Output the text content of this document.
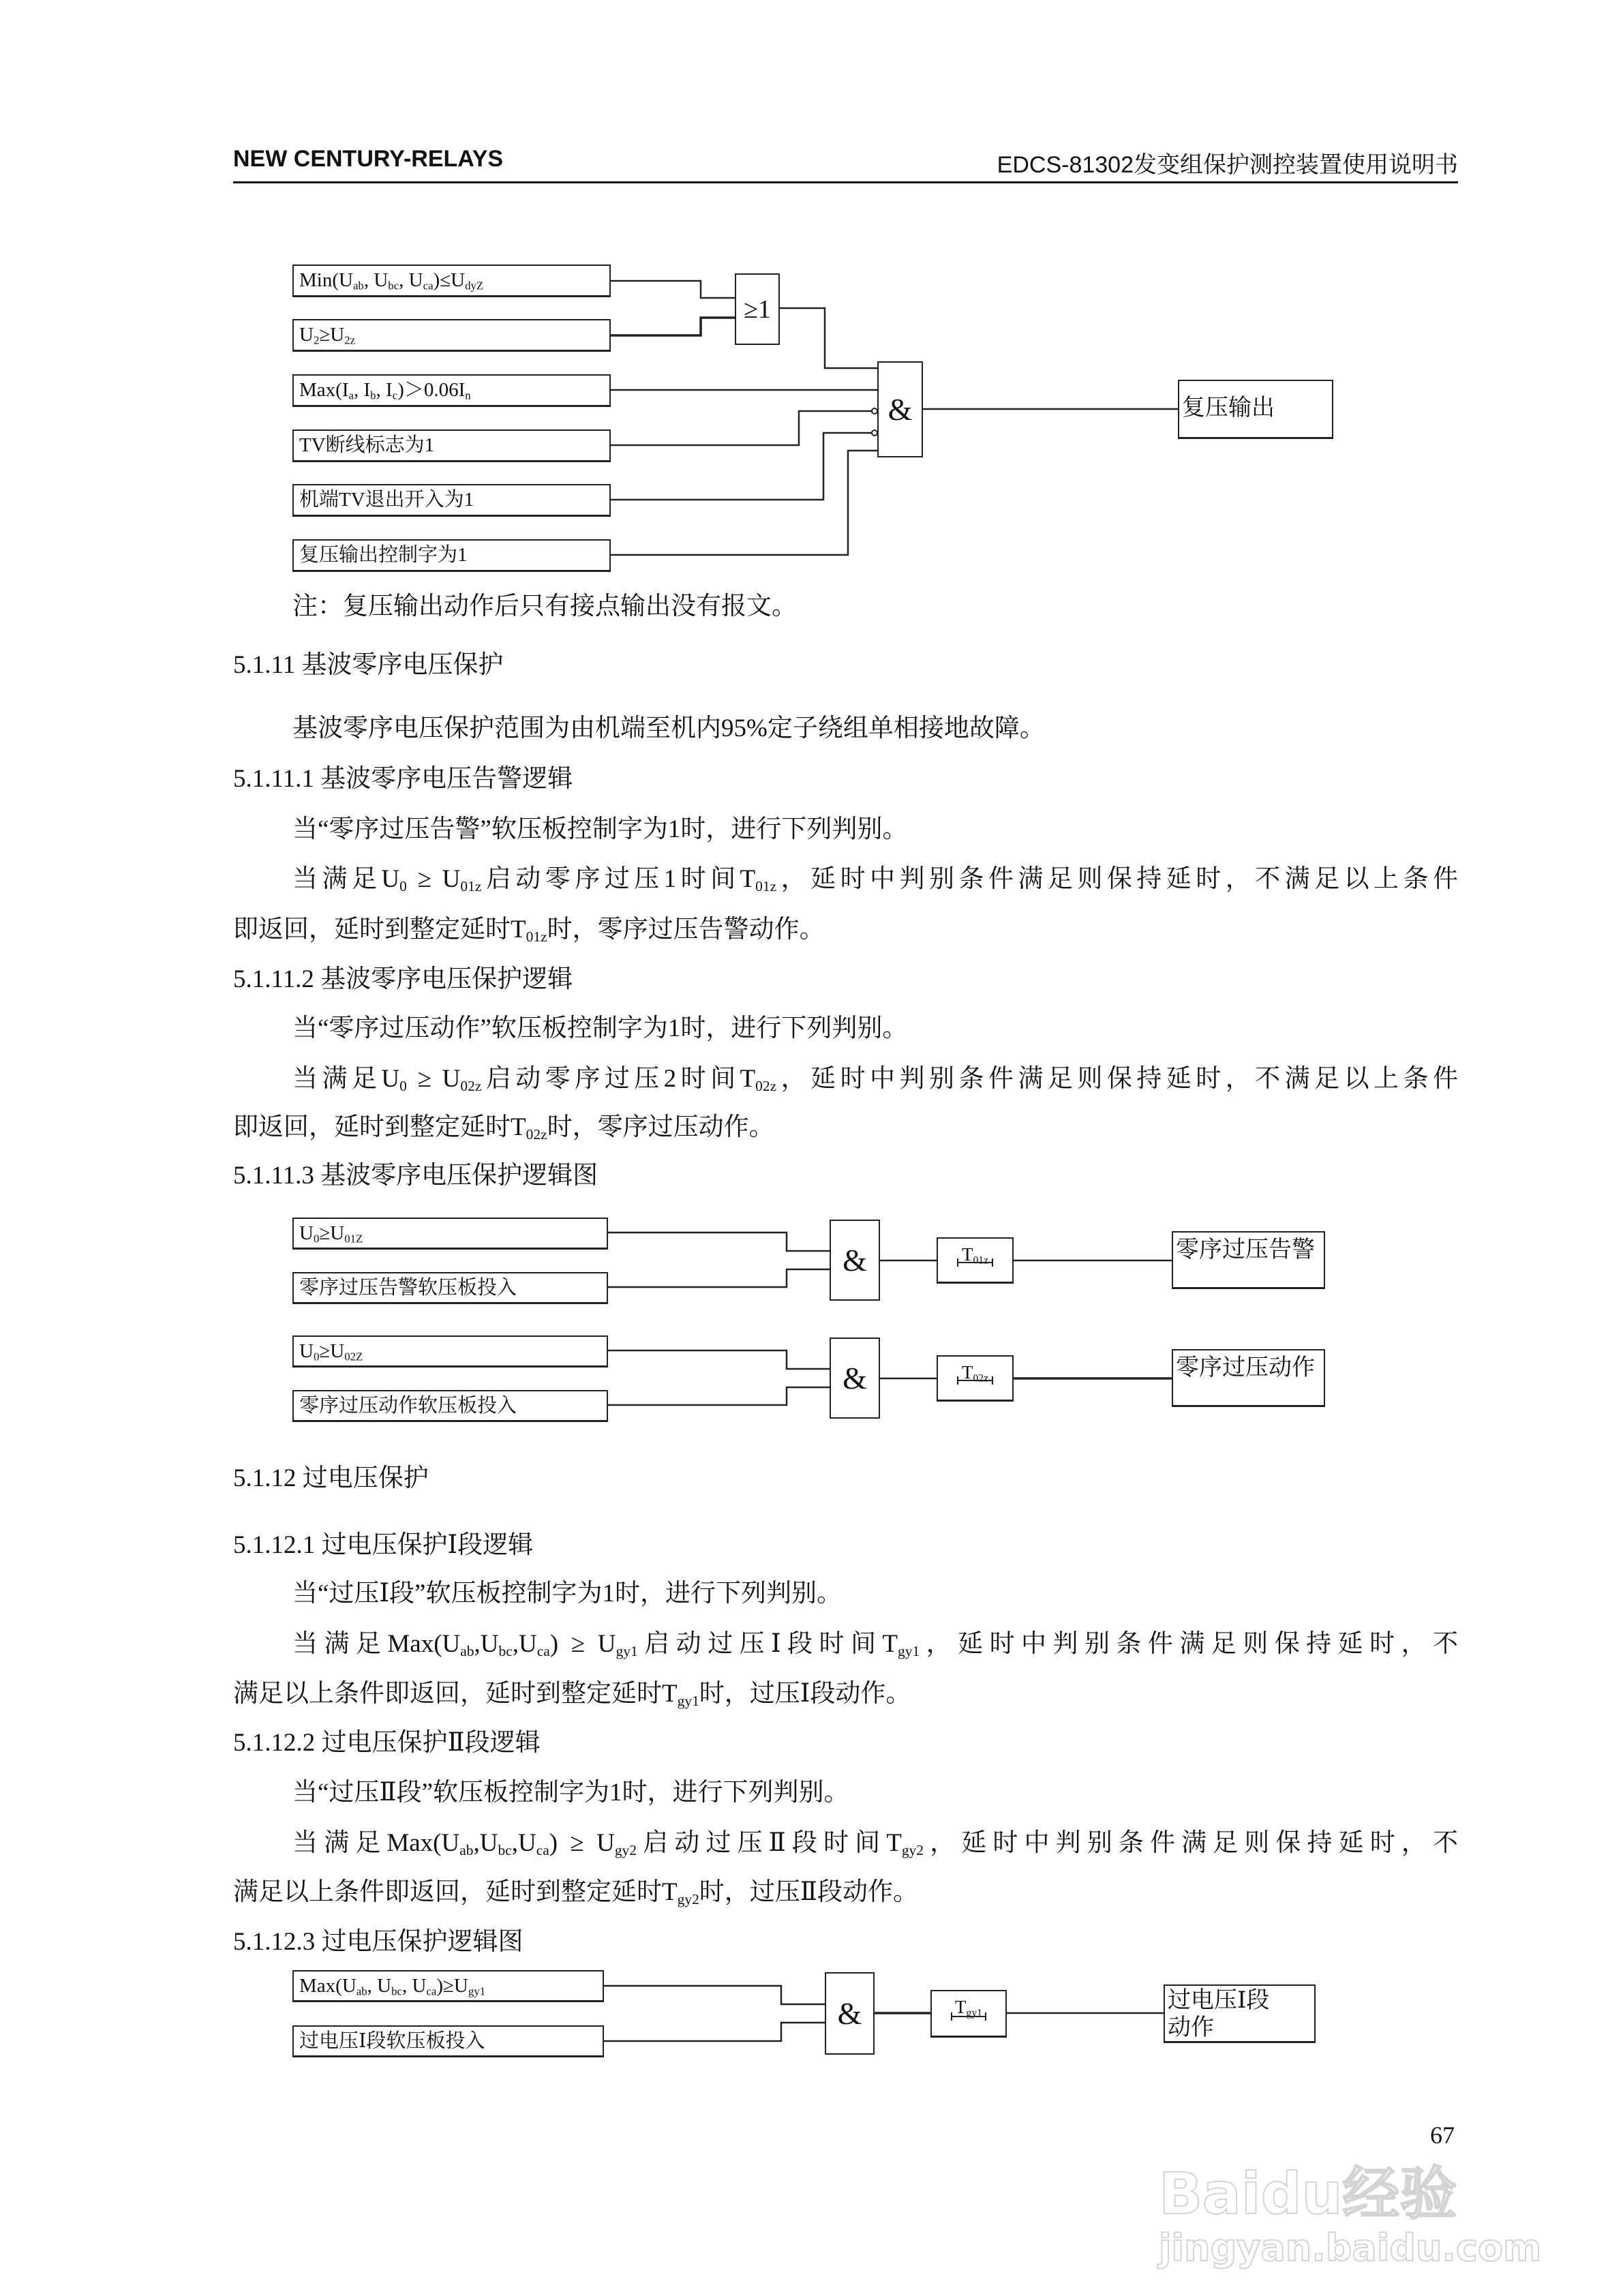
NEW CENTURY-RELAYS	EDCS-81302发变组保护测控装置使用说明书
$Min(U_{ab}$, $U_{bc}$, $U_{ca})\le U_{dyZ}$
$U_2\ge U_{2z}$
$Max(I_a$, $I_b$, $I_c)>0.06I_n$
TV断线标志为1
机端TV退出开入为1
复压输出控制字为1
≥1
&	复压输出
$U_0\ge U_{01Z}$
零序过压告警软压板投入
&	$T_{01z}$	零序过压告警
$U_0\ge U_{02Z}$
零序过压动作软压板投入
&	$T_{02z}$	零序过压动作
$Max(U_{ab}$, $U_{bc}$, $U_{ca})\ge U_{gy1}$
过电压Ⅰ段软压板投入
&	$T_{gy1}$	过电压Ⅰ段
动作
注：复压输出动作后只有接点输出没有报文。
5.1.11 基波零序电压保护
基波零序电压保护范围为由机端至机内95%定子绕组单相接地故障。
5.1.11.1 基波零序电压告警逻辑
当“零序过压告警”软压板控制字为1时，进行下列判别。
当满足$U_0 \ge U_{01z}$启动零序过压1时间$T_{01z}$，延时中判别条件满足则保持延时，不满足以上条件
即返回，延时到整定延时$T_{01z}$时，零序过压告警动作。
5.1.11.2 基波零序电压保护逻辑
当“零序过压动作”软压板控制字为1时，进行下列判别。
当满足$U_0 \ge U_{02z}$启动零序过压2时间$T_{02z}$，延时中判别条件满足则保持延时，不满足以上条件
即返回，延时到整定延时$T_{02z}$时，零序过压动作。
5.1.11.3 基波零序电压保护逻辑图
5.1.12 过电压保护
5.1.12.1 过电压保护Ⅰ段逻辑
当“过压Ⅰ段”软压板控制字为1时，进行下列判别。
当满足$Max(U_{ab},U_{bc},U_{ca}) \ge U_{gy1}$启动过压Ⅰ段时间$T_{gy1}$，延时中判别条件满足则保持延时，不
满足以上条件即返回，延时到整定延时$T_{gy1}$时，过压Ⅰ段动作。
5.1.12.2 过电压保护Ⅱ段逻辑
当“过压Ⅱ段”软压板控制字为1时，进行下列判别。
当满足$Max(U_{ab},U_{bc},U_{ca}) \ge U_{gy2}$启动过压Ⅱ段时间$T_{gy2}$，延时中判别条件满足则保持延时，不
满足以上条件即返回，延时到整定延时$T_{gy2}$时，过压Ⅱ段动作。
5.1.12.3 过电压保护逻辑图
67
Baidu经验
jingyan.baidu.com
